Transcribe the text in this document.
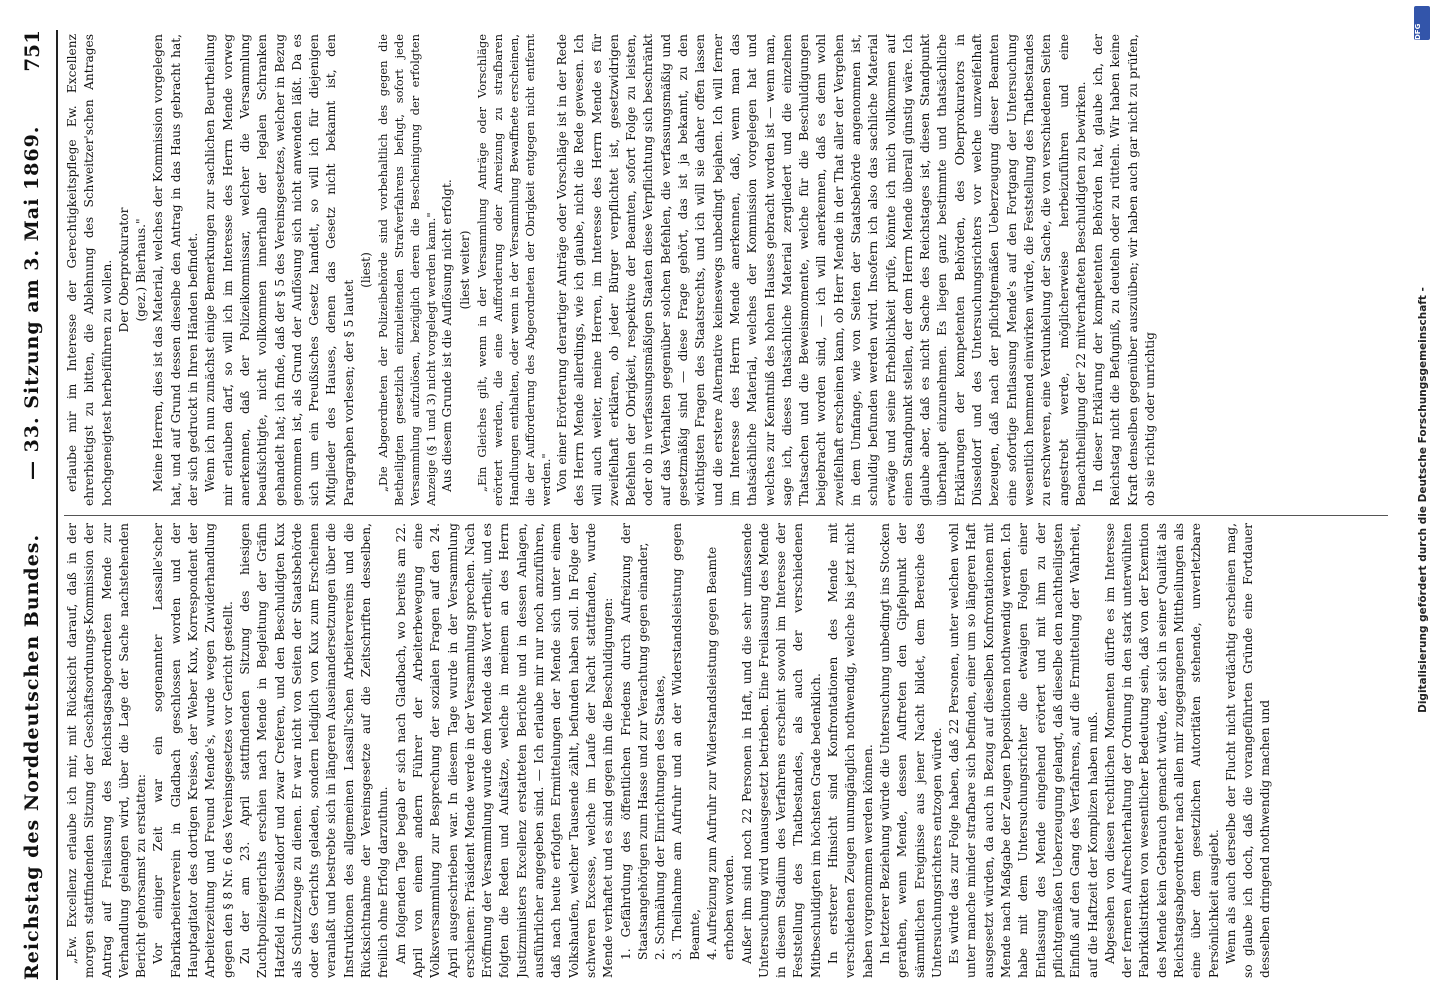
Reichstag des Norddeutschen Bundes.
— 33. Sitzung am 3. Mai 1869.
751

„Ew. Excellenz erlaube ich mir, mit Rücksicht darauf, daß in der morgen stattfindenden Sitzung der Geschäftsordnungs-Kommission der Antrag auf Freilassung des Reichstagsabgeordneten Mende zur Verhandlung gelangen wird, über die Lage der Sache nachstehenden Bericht gehorsamst zu erstatten: Vor einiger Zeit war ein sogenannter Lassalle'scher Fabrikarbeiterverein in Gladbach geschlossen worden und der Hauptagitator des dortigen Kreises, der Weber Kux, Korrespondent der Arbeiterzeitung und Freund Mende's, wurde wegen Zuwiderhandlung gegen den § 8 Nr. 6 des Vereinsgesetzes vor Gericht gestellt. Zu der am 23. April stattfindenden Sitzung des hiesigen Zuchtpolizeigerichts erschien nach Mende in Begleitung der Gräfin Hatzfeld in Düsseldorf und zwar Creferen, und den Beschuldigten Kux als Schutzzeuge zu dienen. Er war nicht von Seiten der Staatsbehörde oder des Gerichts geladen, sondern lediglich von Kux zum Erscheinen veranlaßt und bestrebte sich in längeren Auseinandersetzungen über die Instruktionen des allgemeinen Lassall'schen Arbeitervereins und die Rücksichtnahme der Vereinsgesetze auf die Zeitschriften desselben, freilich ohne Erfolg darzuthun. Am folgenden Tage begab er sich nach Gladbach, wo bereits am 22. April von einem andern Führer der Arbeiterbewegung eine Volksversammlung zur Besprechung der sozialen Fragen auf den 24. April ausgeschrieben war. In diesem Tage wurde in der Versammlung erschienen: Präsident Mende werde in der Versammlung sprechen. Nach Eröffnung der Versammlung wurde dem Mende das Wort ertheilt, und es folgten die Reden und Aufsätze, welche in meinem an des Herrn Justizministers Excellenz erstatteten Berichte und in dessen Anlagen, ausführlicher angegeben sind. — Ich erlaube mir nur noch anzuführen, daß nach heute erfolgten Ermittelungen der Mende sich unter einem Volkshaufen, welcher Tausende zählt, befunden haben soll. In Folge der schweren Excesse, welche im Laufe der Nacht stattfanden, wurde Mende verhaftet und es sind gegen ihn die Beschuldigungen: 1. Gefährdung des öffentlichen Friedens durch Aufreizung der Staatsangehörigen zum Hasse und zur Verachtung gegen einander, 2. Schmähung der Einrichtungen des Staates, 3. Theilnahme am Aufruhr und an der Widerstandsleistung gegen Beamte, 4. Aufreizung zum Aufruhr zur Widerstandsleistung gegen Beamte erhoben worden. Außer ihm sind noch 22 Personen in Haft, und die sehr umfassende Untersuchung wird unausgesetzt betrieben. Eine Freilassung des Mende in diesem Stadium des Verfahrens erscheint sowohl im Interesse der Feststellung des Thatbestandes, als auch der verschiedenen Mitbeschuldigten im höchsten Grade bedenklich. In ersterer Hinsicht sind Konfrontationen des Mende mit verschiedenen Zeugen unumgänglich nothwendig, welche bis jetzt nicht haben vorgenommen werden können. In letzterer Beziehung würde die Untersuchung unbedingt ins Stocken gerathen, wenn Mende, dessen Auftreten den Gipfelpunkt der sämmtlichen Ereignisse aus jener Nacht bildet, dem Bereiche des Untersuchungsrichters entzogen würde. Es würde das zur Folge haben, daß 22 Personen, unter welchen wohl unter manche minder strafbare sich befinden, einer um so längeren Haft ausgesetzt würden, da auch in Bezug auf dieselben Konfrontationen mit Mende nach Maßgabe der Zeugen Depositionen nothwendig werden. Ich habe mit dem Untersuchungsrichter die etwaigen Folgen einer Entlassung des Mende eingehend erörtert und mit ihm zu der pflichtgemäßen Ueberzeugung gelangt, daß dieselbe den nachtheiligsten Einfluß auf den Gang des Verfahrens, auf die Ermittelung der Wahrheit, auf die Haftzeit der Komplizen haben muß. Abgesehen von diesen rechtlichen Momenten dürfte es im Interesse der ferneren Aufrechterhaltung der Ordnung in den stark unterwühlten Fabrikdistrikten von wesentlicher Bedeutung sein, daß von der Exemtion des Mende kein Gebrauch gemacht würde, der sich in seiner Qualität als Reichstagsabgeordneter nach allen mir zugegangenen Mittheilungen als eine über dem gesetzlichen Autoritäten stehende, unverletzbare Persönlichkeit ausgiebt. Wenn als auch derselbe der Flucht nicht verdächtig erscheinen mag, so glaube ich doch, daß die vorangeführten Gründe eine Fortdauer desselben dringend nothwendig machen und

erlaube mir im Interesse der Gerechtigkeitspflege Ew. Excellenz ehrerbietigst zu bitten, die Ablehnung des Schweitzer'schen Antrages hochgeneigtest herbeiführen zu wollen. Der Oberprokurator (gez.) Bierhaus." Meine Herren, dies ist das Material, welches der Kommission vorgelegen hat, und auf Grund dessen dieselbe den Antrag in das Haus gebracht hat, der sich gedruckt in Ihren Händen befindet. Wenn ich nun zunächst einige Bemerkungen zur sachlichen Beurtheilung mir erlauben darf, so will ich im Interesse des Herrn Mende vorweg anerkennen, daß der Polizeikommissar, welcher die Versammlung beaufsichtigte, nicht vollkommen innerhalb der legalen Schranken gehandelt hat; ich finde, daß der § 5 des Vereinsgesetzes, welcher in Bezug genommen ist, als Grund der Auflösung sich nicht anwenden läßt. Da es sich um ein Preußisches Gesetz handelt, so will ich für diejenigen Mitglieder des Hauses, denen das Gesetz nicht bekannt ist, den Paragraphen vorlesen; der § 5 lautet

(liest) „Die Abgeordneten der Polizeibehörde sind vorbehaltlich des gegen die Betheiligten gesetzlich einzuleitenden Strafverfahrens befugt, sofort jede Versammlung aufzulösen, bezüglich deren die Bescheinigung der erfolgten Anzeige (§ 1 und 3) nicht vorgelegt werden kann." Aus diesem Grunde ist die Auflösung nicht erfolgt. (liest weiter) „Ein Gleiches gilt, wenn in der Versammlung Anträge oder Vorschläge erörtert werden, die eine Aufforderung oder Anreizung zu strafbaren Handlungen enthalten, oder wenn in der Versammlung Bewaffnete erscheinen, die der Aufforderung des Abgeordneten der Obrigkeit entgegen nicht entfernt werden." Von einer Erörterung derartiger Anträge oder Vorschläge ist in der Rede des Herrn Mende allerdings, wie ich glaube, nicht die Rede gewesen. Ich will auch weiter, meine Herren, im Interesse des Herrn Mende es für zweifelhaft erklären, ob jeder Bürger verpflichtet ist, gesetzwidrigen Befehlen der Obrigkeit, respektive der Beamten, sofort Folge zu leisten, oder ob in verfassungsmäßigen Staaten diese Verpflichtung sich beschränkt auf das Verhalten gegenüber solchen Befehlen, die verfassungsmäßig und gesetzmäßig sind — diese Frage gehört, das ist ja bekannt, zu den wichtigsten Fragen des Staatsrechts, und ich will sie daher offen lassen und die erstere Alternative keineswegs unbedingt bejahen. Ich will ferner im Interesse des Herrn Mende anerkennen, daß, wenn man das thatsächliche Material, welches der Kommission vorgelegen hat und welches zur Kenntniß des hohen Hauses gebracht worden ist — wenn man, sage ich, dieses thatsächliche Material zergliedert und die einzelnen Thatsachen und die Beweismomente, welche für die Beschuldigungen beigebracht worden sind, — ich will anerkennen, daß es denn wohl zweifelhaft erscheinen kann, ob Herr Mende in der That aller der Vergehen in dem Umfange, wie von Seiten der Staatsbehörde angenommen ist, schuldig befunden werden wird. Insofern ich also das sachliche Material erwäge und seine Erheblichkeit prüfe, könnte ich mich vollkommen auf einen Standpunkt stellen, der dem Herrn Mende überall günstig wäre. Ich glaube aber, daß es nicht Sache des Reichstages ist, diesen Standpunkt überhaupt einzunehmen. Es liegen ganz bestimmte und thatsächliche Erklärungen der kompetenten Behörden, des Oberprokurators in Düsseldorf und des Untersuchungsrichters vor welche unzweifelhaft bezeugen, daß nach der pflichtgemäßen Ueberzeugung dieser Beamten eine sofortige Entlassung Mende's auf den Fortgang der Untersuchung wesentlich hemmend einwirken würde, die Feststellung des Thatbestandes zu erschweren, eine Verdunkelung der Sache, die von verschiedenen Seiten angestrebt werde, möglicherweise herbeizuführen und eine Benachtheiligung der 22 mitverhafteten Beschuldigten zu bewirken. In dieser Erklärung der kompetenten Behörden hat, glaube ich, der Reichstag nicht die Befugniß, zu deuteln oder zu rütteln. Wir haben keine Kraft denselben gegenüber auszuüben; wir haben auch gar nicht zu prüfen, ob sie richtig oder unrichtig

DFG
Digitalisierung gefördert durch die Deutsche Forschungsgemeinschaft -
